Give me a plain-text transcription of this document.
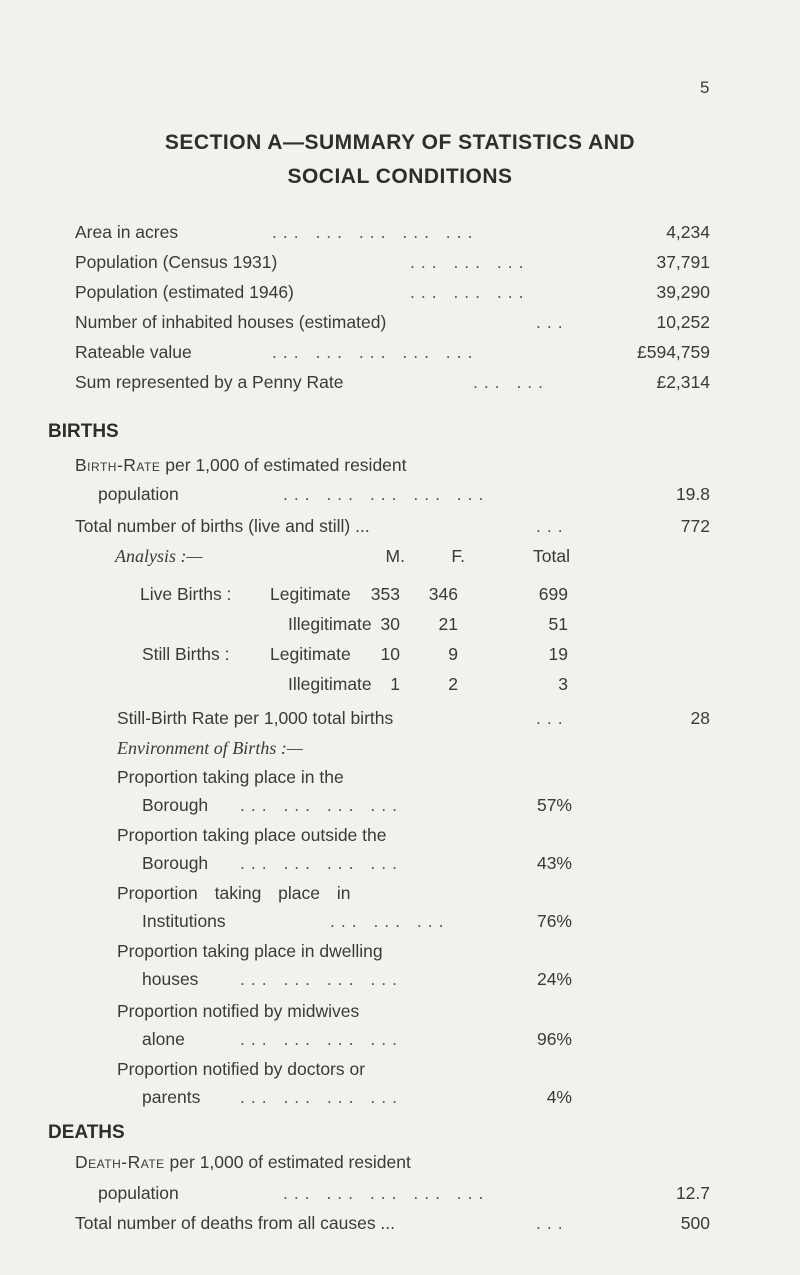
5
SECTION A—SUMMARY OF STATISTICS AND
SOCIAL CONDITIONS
Area in acres	... ... ... ... ...	4,234
Population (Census 1931)	... ... ...	37,791
Population (estimated 1946)	... ... ...	39,290
Number of inhabited houses (estimated)	...	10,252
Rateable value	... ... ... ... ...	£594,759
Sum represented by a Penny Rate	... ...	£2,314
BIRTHS
Birth-Rate per 1,000 of estimated resident
population	... ... ... ... ...	19.8
Total number of births (live and still) ...	...	772
Analysis :—	M.	F.	Total
Live Births : Legitimate	353	346	699
Illegitimate 30	21	51
Still Births : Legitimate	10	9	19
Illegitimate	1	2	3
Still-Birth Rate per 1,000 total births	...	28
Environment of Births :—
Proportion taking place in the
Borough ... ... ... ...	57%
Proportion taking place outside the
Borough ... ... ... ...	43%
Proportion taking place in
Institutions	... ... ...	76%
Proportion taking place in dwelling
houses ... ... ... ...	24%
Proportion notified by midwives
alone	... ... ... ...	96%
Proportion notified by doctors or
parents ... ... ... ...	4%
DEATHS
Death-Rate per 1,000 of estimated resident
population	... ... ... ... ...	12.7
Total number of deaths from all causes ...	...	500
